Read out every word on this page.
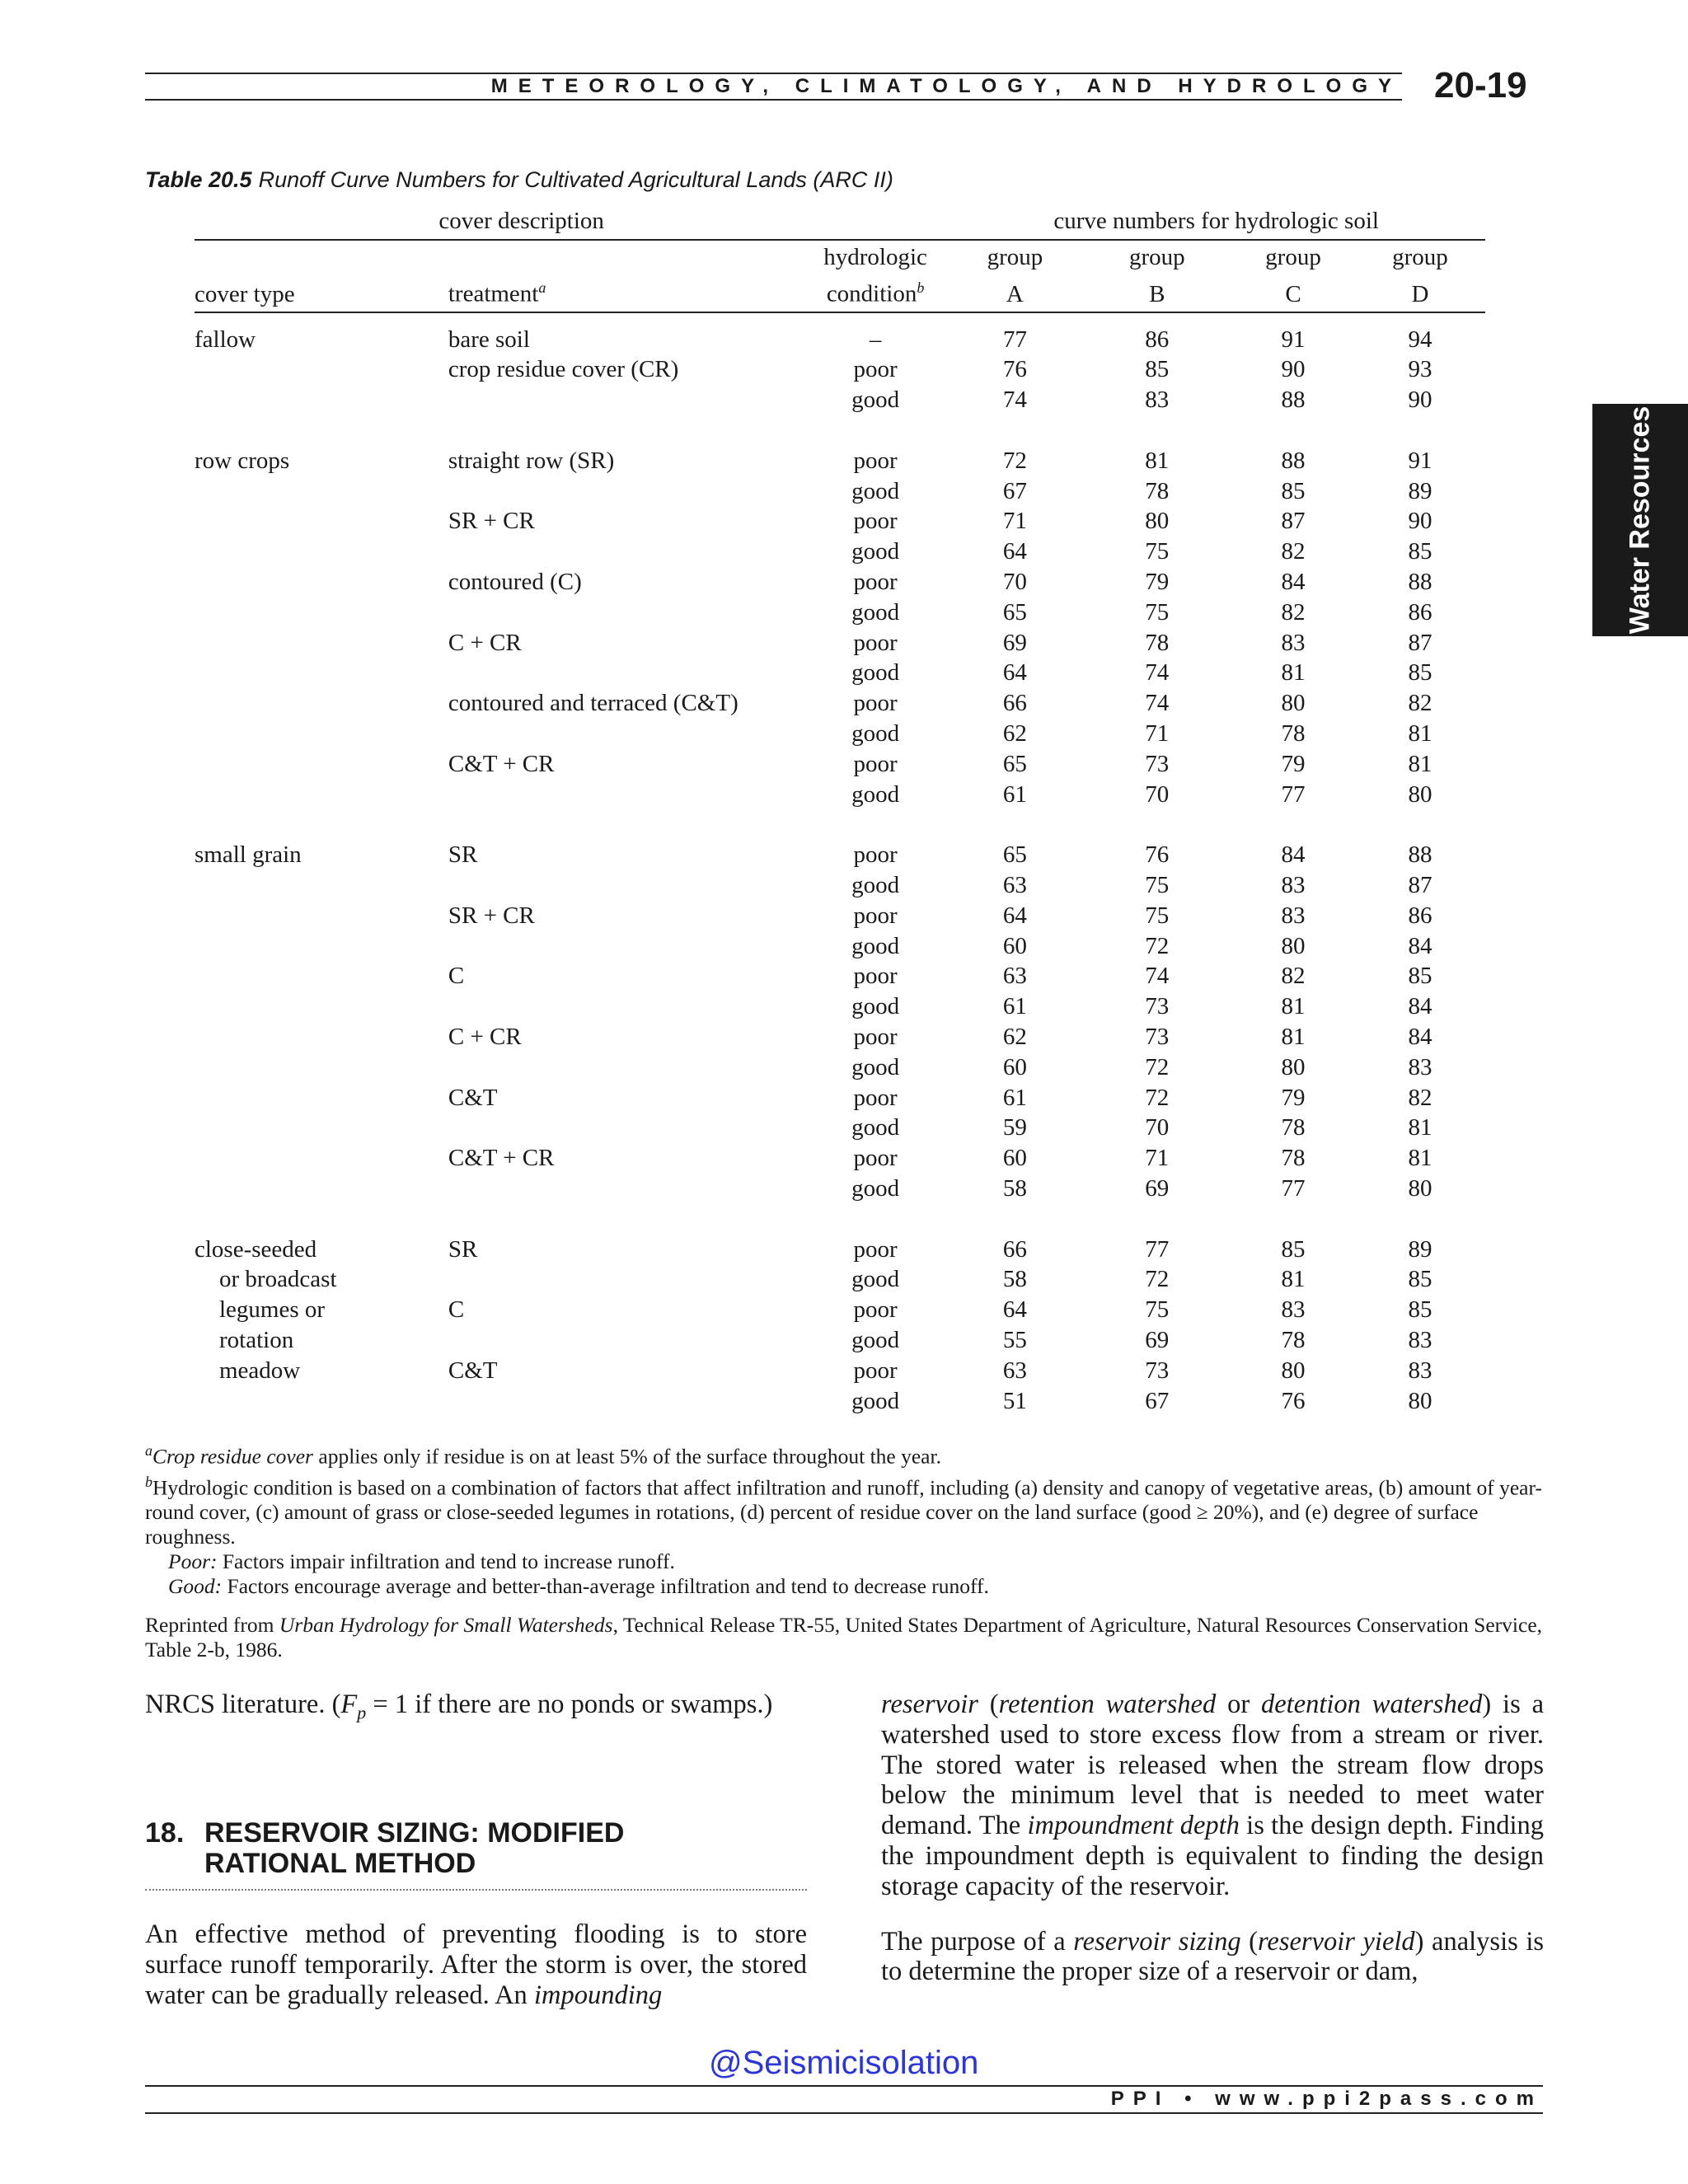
METEOROLOGY, CLIMATOLOGY, AND HYDROLOGY 20-19
Water Resources
Table 20.5 Runoff Curve Numbers for Cultivated Agricultural Lands (ARC II)
cover description			curve numbers for hydrologic soil			
		hydrologic	group	group	group	group
cover type	treatment$^a$	condition$^b$	A	B	C	D
fallow	bare soil	–	77	86	91	94
	crop residue cover (CR)	poor	76	85	90	93
		good	74	83	88	90

row crops	straight row (SR)	poor	72	81	88	91
		good	67	78	85	89
	SR + CR	poor	71	80	87	90
		good	64	75	82	85
	contoured (C)	poor	70	79	84	88
		good	65	75	82	86
	C + CR	poor	69	78	83	87
		good	64	74	81	85
	contoured and terraced (C&T)	poor	66	74	80	82
		good	62	71	78	81
	C&T + CR	poor	65	73	79	81
		good	61	70	77	80

small grain	SR	poor	65	76	84	88
		good	63	75	83	87
	SR + CR	poor	64	75	83	86
		good	60	72	80	84
	C	poor	63	74	82	85
		good	61	73	81	84
	C + CR	poor	62	73	81	84
		good	60	72	80	83
	C&T	poor	61	72	79	82
		good	59	70	78	81
	C&T + CR	poor	60	71	78	81
		good	58	69	77	80

close-seeded	SR	poor	66	77	85	89
or broadcast		good	58	72	81	85
legumes or	C	poor	64	75	83	85
rotation		good	55	69	78	83
meadow	C&T	poor	63	73	80	83
		good	51	67	76	80

$^a$Crop residue cover applies only if residue is on at least 5% of the surface throughout the year.

$^b$Hydrologic condition is based on a combination of factors that affect infiltration and runoff, including (a) density and canopy of vegetative areas, (b) amount of year-round cover, (c) amount of grass or close-seeded legumes in rotations, (d) percent of residue cover on the land surface (good ≥ 20%), and (e) degree of surface roughness.

Poor: Factors impair infiltration and tend to increase runoff.

Good: Factors encourage average and better-than-average infiltration and tend to decrease runoff.

Reprinted from Urban Hydrology for Small Watersheds, Technical Release TR-55, United States Department of Agriculture, Natural Resources Conservation Service, Table 2-b, 1986.

NRCS literature. ($F_p = 1$ if there are no ponds or swamps.)

18. RESERVOIR SIZING: MODIFIED
RATIONAL METHOD

An effective method of preventing flooding is to store surface runoff temporarily. After the storm is over, the stored water can be gradually released. An impounding

reservoir (retention watershed or detention watershed) is a watershed used to store excess flow from a stream or river. The stored water is released when the stream flow drops below the minimum level that is needed to meet water demand. The impoundment depth is the design depth. Finding the impoundment depth is equivalent to finding the design storage capacity of the reservoir.

The purpose of a reservoir sizing (reservoir yield) analysis is to determine the proper size of a reservoir or dam,

@Seismicisolation
PPI • www.ppi2pass.com
